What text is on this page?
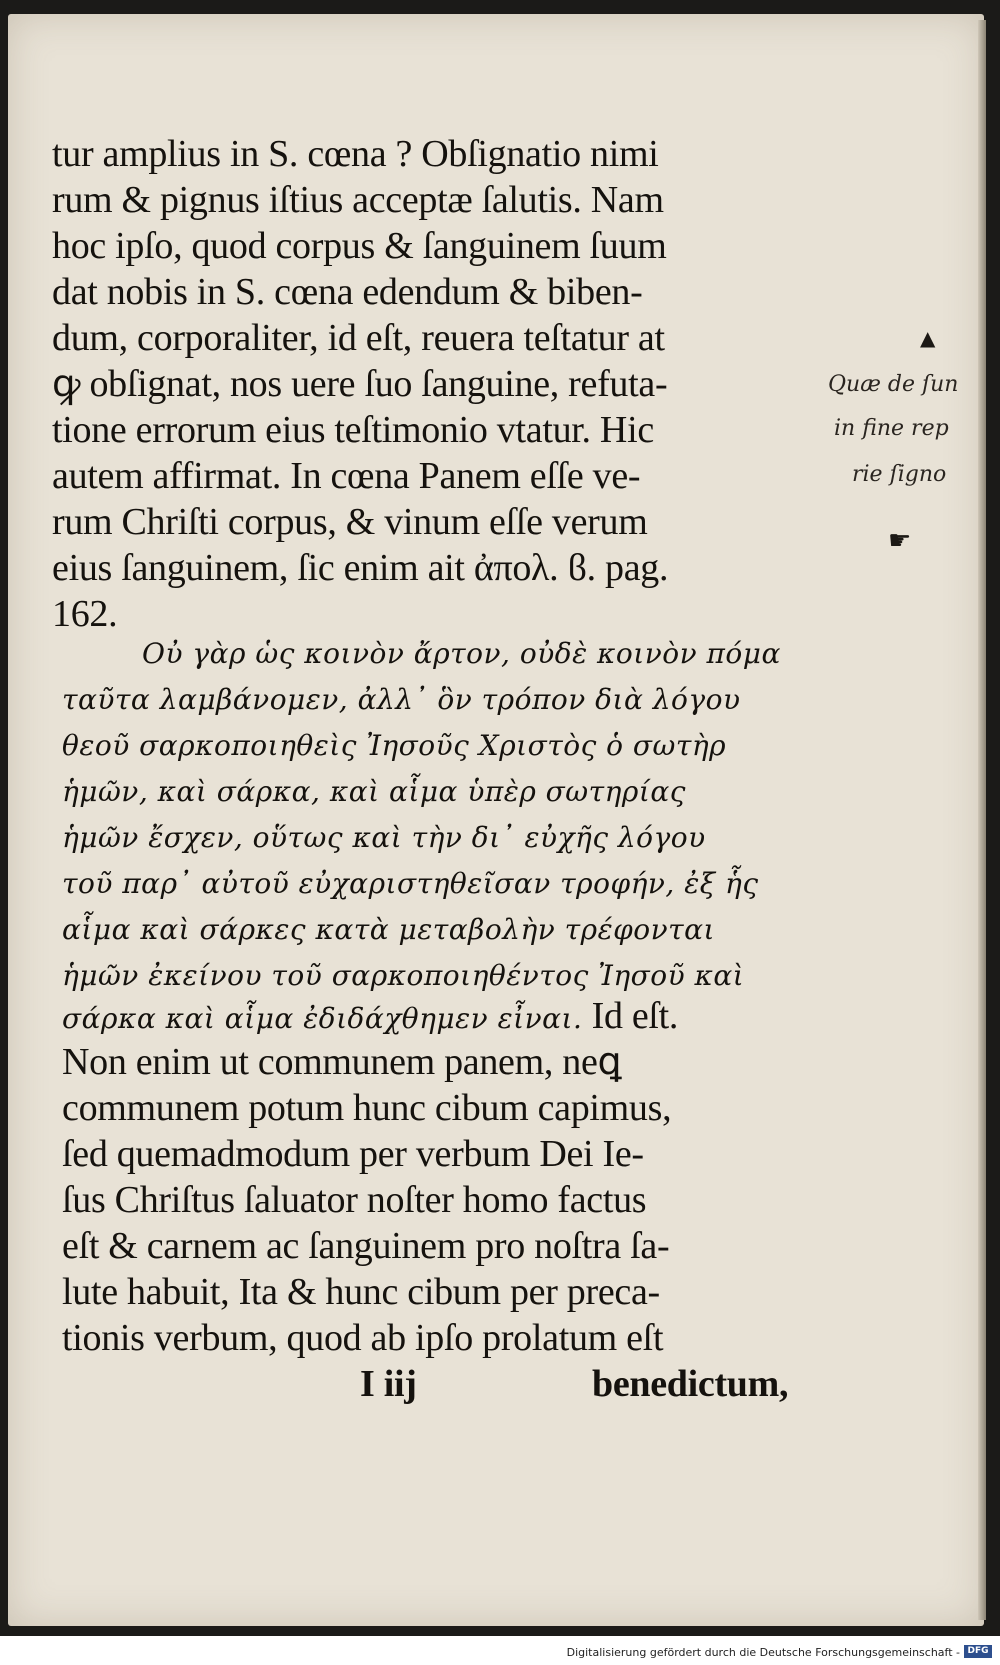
tur amplius in S. cœna ? Obſignatio nimi
rum & pignus iſtius acceptæ ſalutis. Nam
hoc ipſo, quod corpus & ſanguinem ſuum
dat nobis in S. cœna edendum & biben-
dum, corporaliter, id eſt, reuera teſtatur at
ꝙ obſignat, nos uere ſuo ſanguine, refuta-
tione errorum eius teſtimonio vtatur. Hic
autem affirmat. In cœna Panem eſſe ve-
rum Chriſti corpus, & vinum eſſe verum
eius ſanguinem, ſic enim ait ἀπολ. ϐ. pag.
162.
Οὐ γὰρ ὡς κοινὸν ἄρτον, οὐδὲ κοινὸν πόμα
ταῦτα λαμβάνομεν, ἀλλ᾽ ὃν τρόπον διὰ λόγου
θεοῦ σαρκοποιηθεὶς Ἰησοῦς Χριστὸς ὁ σωτὴρ
ἡμῶν, καὶ σάρκα, καὶ αἷμα ὑπὲρ σωτηρίας
ἡμῶν ἔσχεν, οὕτως καὶ τὴν δι᾽ εὐχῆς λόγου
τοῦ παρ᾽ αὐτοῦ εὐχαριστηθεῖσαν τροφήν, ἐξ ἧς
αἷμα καὶ σάρκες κατὰ μεταβολὴν τρέφονται
ἡμῶν ἐκείνου τοῦ σαρκοποιηθέντος Ἰησοῦ καὶ
σάρκα καὶ αἷμα ἐδιδάχθημεν εἶναι. Id eſt.
Non enim ut communem panem, neꝗ
communem potum hunc cibum capimus,
ſed quemadmodum per verbum Dei Ie-
ſus Chriſtus ſaluator noſter homo factus
eſt & carnem ac ſanguinem pro noſtra ſa-
lute habuit, Ita & hunc cibum per preca-
tionis verbum, quod ab ipſo prolatum eſt
I iij	benedictum,
▲
Quæ de ſun
in fine rep
rie ſigno
☛
Digitalisierung gefördert durch die Deutsche Forschungsgemeinschaft - DFG
